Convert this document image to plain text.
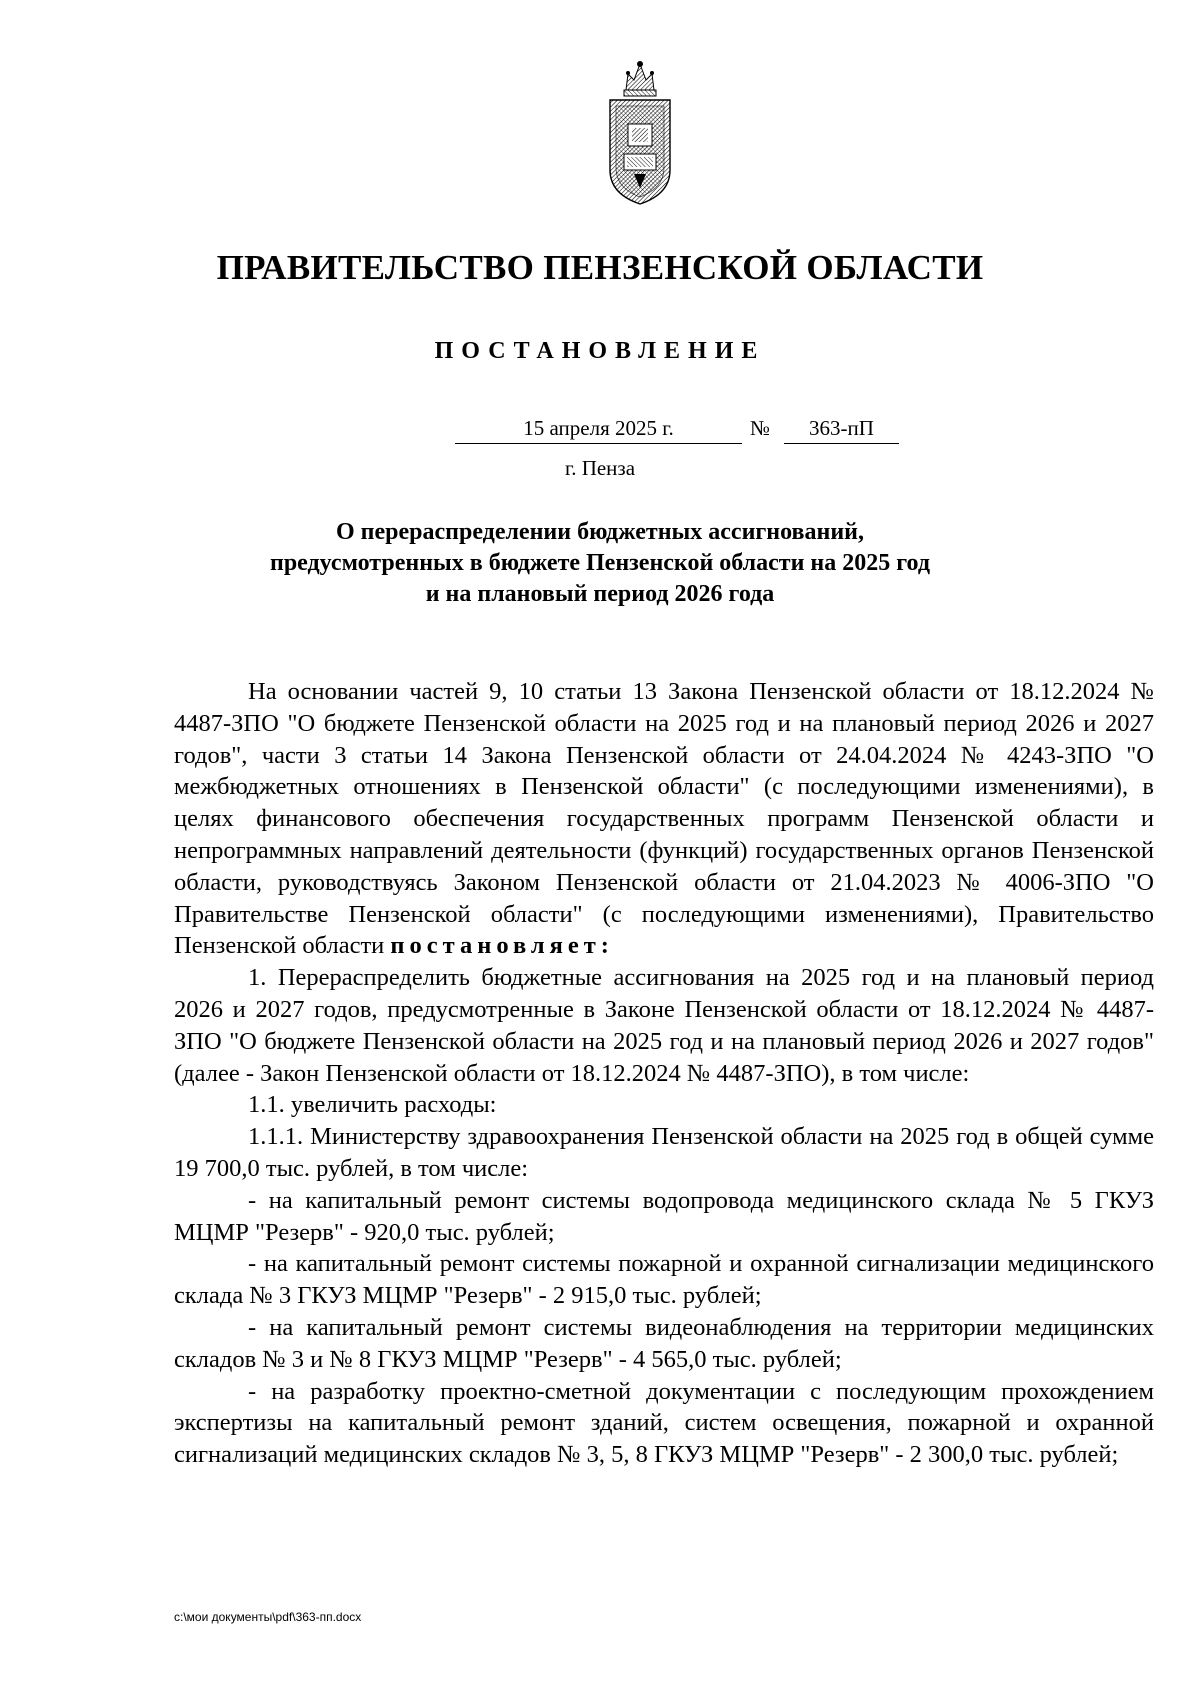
ПРАВИТЕЛЬСТВО ПЕНЗЕНСКОЙ ОБЛАСТИ
ПОСТАНОВЛЕНИЕ
15 апреля 2025 г.	№	363-пП
г. Пенза
О перераспределении бюджетных ассигнований,
предусмотренных в бюджете Пензенской области на 2025 год
и на плановый период 2026 года

На основании частей 9, 10 статьи 13 Закона Пензенской области от 18.12.2024 № 4487-ЗПО "О бюджете Пензенской области на 2025 год и на плановый период 2026 и 2027 годов", части 3 статьи 14 Закона Пензенской области от 24.04.2024 № 4243-ЗПО "О межбюджетных отношениях в Пензенской области" (с последующими изменениями), в целях финансового обеспечения государственных программ Пензенской области и непрограммных направлений деятельности (функций) государственных органов Пензенской области, руководствуясь Законом Пензенской области от 21.04.2023 № 4006-ЗПО "О Правительстве Пензенской области" (с последующими изменениями), Правительство Пензенской области постановляет:

1. Перераспределить бюджетные ассигнования на 2025 год и на плановый период 2026 и 2027 годов, предусмотренные в Законе Пензенской области от 18.12.2024 № 4487-ЗПО "О бюджете Пензенской области на 2025 год и на плановый период 2026 и 2027 годов" (далее - Закон Пензенской области от 18.12.2024 № 4487-ЗПО), в том числе:

1.1. увеличить расходы:

1.1.1. Министерству здравоохранения Пензенской области на 2025 год в общей сумме 19 700,0 тыс. рублей, в том числе:

- на капитальный ремонт системы водопровода медицинского склада № 5 ГКУЗ МЦМР "Резерв" - 920,0 тыс. рублей;

- на капитальный ремонт системы пожарной и охранной сигнализации медицинского склада № 3 ГКУЗ МЦМР "Резерв" - 2 915,0 тыс. рублей;

- на капитальный ремонт системы видеонаблюдения на территории медицинских складов № 3 и № 8 ГКУЗ МЦМР "Резерв" - 4 565,0 тыс. рублей;

- на разработку проектно-сметной документации с последующим прохождением экспертизы на капитальный ремонт зданий, систем освещения, пожарной и охранной сигнализаций медицинских складов № 3, 5, 8 ГКУЗ МЦМР "Резерв" - 2 300,0 тыс. рублей;

c:\мои документы\pdf\363-пп.docx
